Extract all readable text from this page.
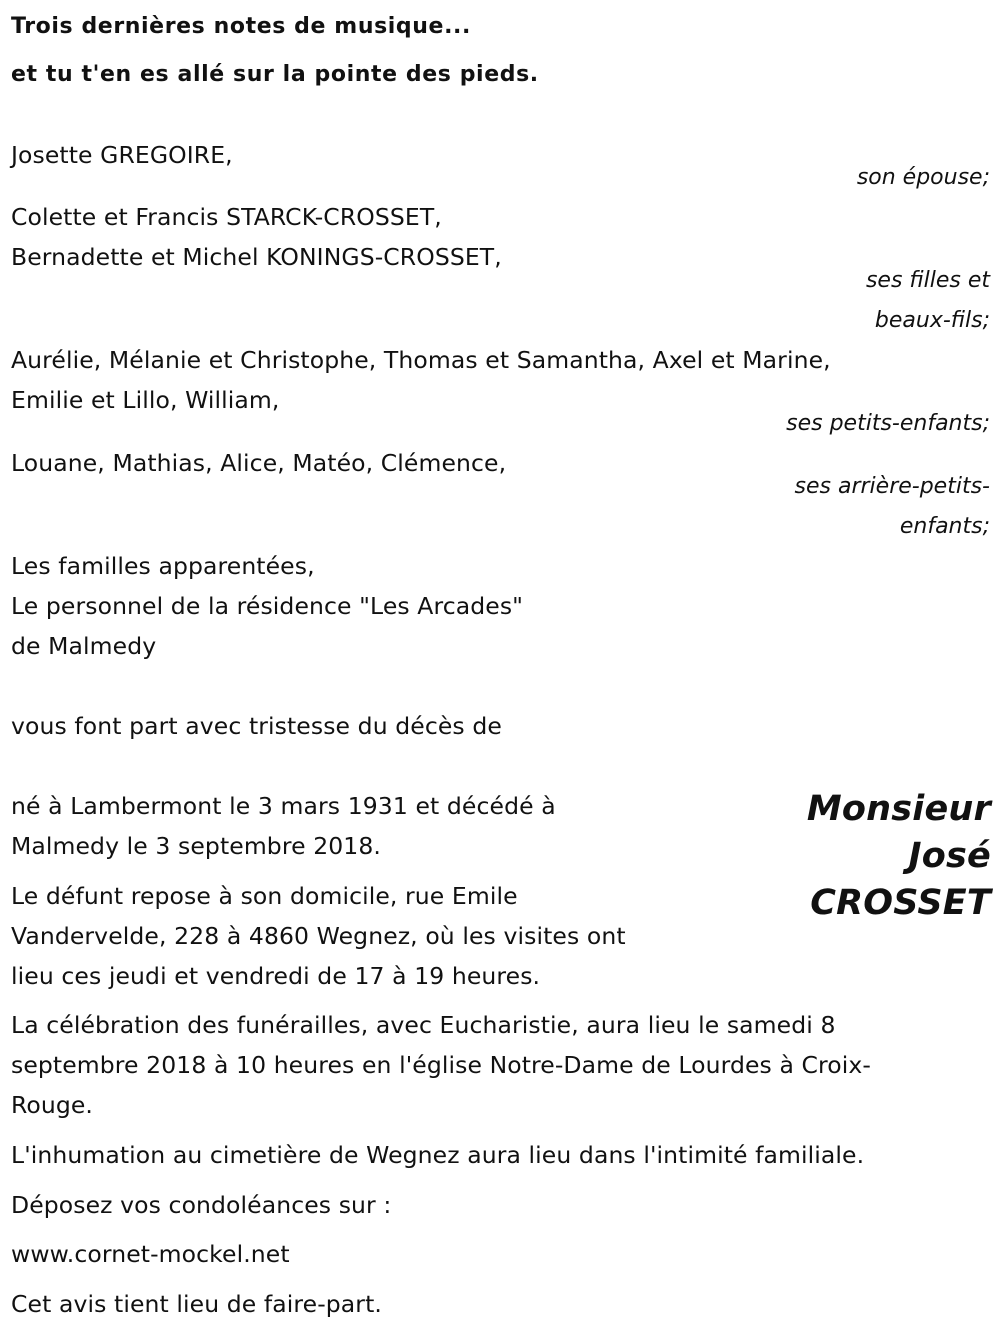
Trois dernières notes de musique...
et tu t'en es allé sur la pointe des pieds.
Josette GREGOIRE,
son épouse;
Colette et Francis STARCK-CROSSET,
Bernadette et Michel KONINGS-CROSSET,
ses filles et
beaux-fils;
Aurélie, Mélanie et Christophe, Thomas et Samantha, Axel et Marine,
Emilie et Lillo, William,
ses petits-enfants;
Louane, Mathias, Alice, Matéo, Clémence,
ses arrière-petits-
enfants;
Les familles apparentées,
Le personnel de la résidence "Les Arcades"
de Malmedy
vous font part avec tristesse du décès de
Monsieur
José
CROSSET
né à Lambermont le 3 mars 1931 et décédé à
Malmedy le 3 septembre 2018.
Le défunt repose à son domicile, rue Emile
Vandervelde, 228 à 4860 Wegnez, où les visites ont
lieu ces jeudi et vendredi de 17 à 19 heures.
La célébration des funérailles, avec Eucharistie, aura lieu le samedi 8
septembre 2018 à 10 heures en l'église Notre-Dame de Lourdes à Croix-
Rouge.
L'inhumation au cimetière de Wegnez aura lieu dans l'intimité familiale.
Déposez vos condoléances sur :
www.cornet-mockel.net
Cet avis tient lieu de faire-part.
